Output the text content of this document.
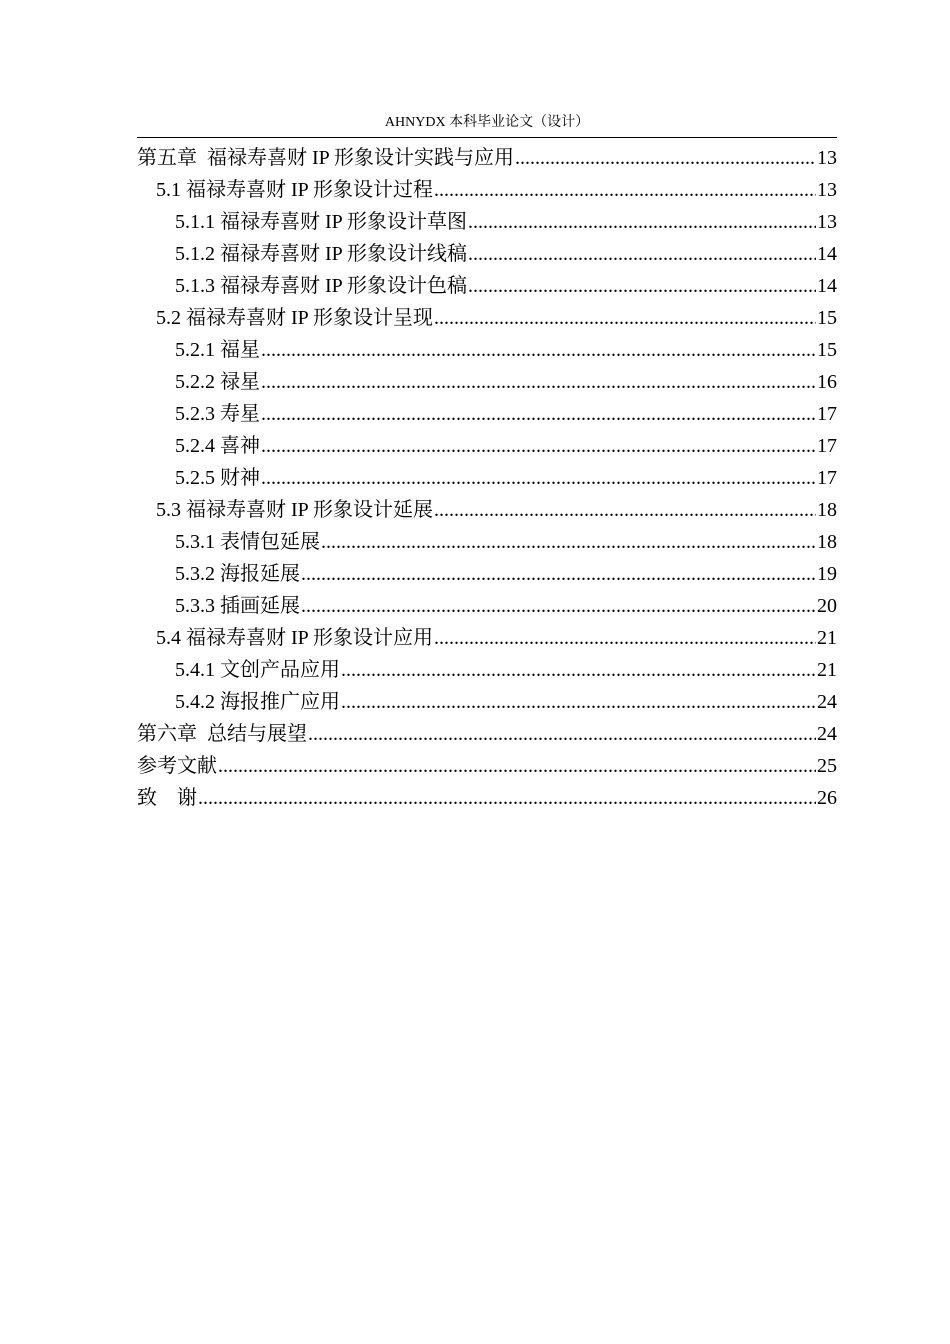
AHNYDX 本科毕业论文（设计）
第五章  福禄寿喜财 IP 形象设计实践与应用 .....	13
5.1 福禄寿喜财 IP 形象设计过程 .....	13
5.1.1 福禄寿喜财 IP 形象设计草图 .....	13
5.1.2 福禄寿喜财 IP 形象设计线稿 .....	14
5.1.3 福禄寿喜财 IP 形象设计色稿 .....	14
5.2 福禄寿喜财 IP 形象设计呈现 .....	15
5.2.1 福星 .....	15
5.2.2 禄星 .....	16
5.2.3 寿星 .....	17
5.2.4 喜神 .....	17
5.2.5 财神 .....	17
5.3 福禄寿喜财 IP 形象设计延展 .....	18
5.3.1 表情包延展 .....	18
5.3.2 海报延展 .....	19
5.3.3 插画延展 .....	20
5.4 福禄寿喜财 IP 形象设计应用 .....	21
5.4.1 文创产品应用 .....	21
5.4.2 海报推广应用 .....	24
第六章  总结与展望 .....	24
参考文献 .....	25
致    谢 .....	26
